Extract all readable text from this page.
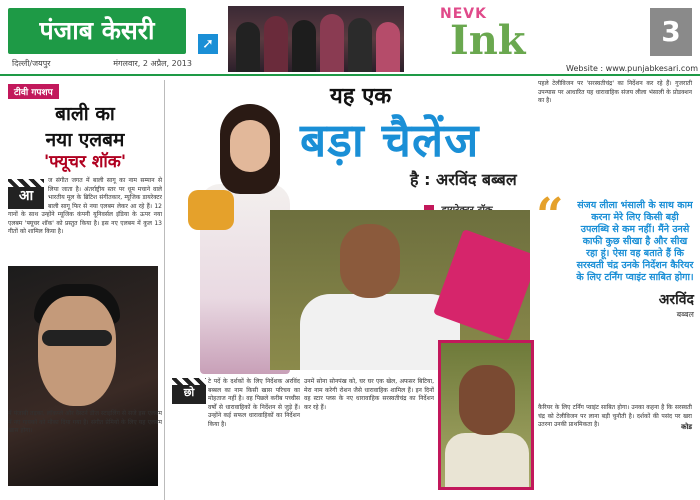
पंजाब केसरी
दिल्ली/जयपुर	मंगलवार, 2 अप्रैल, 2013
➚
NEVK
Ink	3
Website : www.punjabkesari.com
टीवी गपशप
बाली का
नया एलबम
'फ्यूचर शॉक'
आ
ज संगीत जगत में बाली सागू का नाम सम्मान से लिया जाता है। अंतर्राष्ट्रीय स्तर पर धूम मचाने वाले भारतीय मूल के ब्रिटिश संगीतकार, म्यूजिक डायरेक्टर बाली सागू फिर से नया एलबम लेकर आ रहे हैं। 12 गानों के साथ उन्होंने म्यूजिक कंपनी यूनिवर्सल इंडिया के ऊपर नया एलबम 'फ्यूचर शॉक' को प्रस्तुत किया है। इस नए एलबम में कुल 13 गीतों को शामिल किया है।
में पंजाबी तड़का, लॉकप्ले और वैस्टर्न डीज स्टाइलिंग से सजे इस एलबम में नए गायकों को मौका दिया गया है। संगीत प्रेमियों के लिए यह एलबम खास होगा।
यह एक
बड़ा चैलेंज
है : अरविंद बब्बल
पहले टेलीविजन पर 'सरस्वतीचंद्र' का निर्देशन कर रहे हैं। गुजराती उपन्यास पर आधारित यह धारावाहिक संजय लीला भंसाली के प्रोडक्शन का है।
“ संजय लीला भंसाली के साथ काम करना मेरे लिए किसी बड़ी उपलब्धि से कम नहीं। मैंने उनसे काफी कुछ सीखा है और सीख रहा हूं। ऐसा वह बताते हैं कि सरस्वती चंद्र उनके निर्देशन कैरियर के लिए टर्निंग प्वाइंट साबित होगा।
अरविंद
बब्बल
कैरियर के लिए टर्निंग प्वाइंट साबित होगा। उनका कहना है कि सरस्वती चंद्र को टेलीविजन पर लाना बड़ी चुनौती है। दर्शकों की पसंद पर खरा उतरना उनकी प्राथमिकता है।	कोड
छो
टे पर्दे के दर्शकों के लिए निर्देशक अरविंद बब्बल का नाम किसी खास परिचय का मोहताज नहीं है। वह पिछले करीब पच्चीस वर्षों से धारावाहिकों के निर्देशन से जुड़े हैं। उन्होंने कई सफल धारावाहिकों का निर्देशन किया है।
उनमें सोना सोनपंख को, घर घर एक खेल, अफसर बिटिया, मेरा नाम करेगी रोशन जैसे धारावाहिक शामिल हैं। इन दिनों वह स्टार प्लस के नए धारावाहिक सरस्वतीचंद्र का निर्देशन कर रहे हैं।
